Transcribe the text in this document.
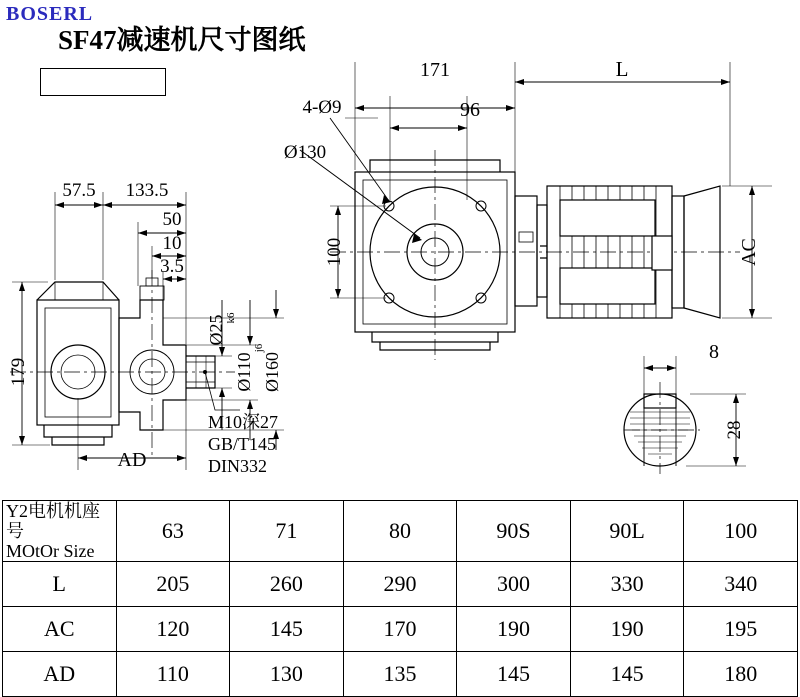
SF47减速机尺寸图纸
BOSERL
171
96
L
4-Ø9
Ø130
100	AC
57.5 133.5
50
10
3.5
179
AD
Ø25 k6
Ø110
j6
Ø160
M10深27
GB/T145
DIN332
8
28
Y2电机机座号
MOtOr Size	63	71	80	90S	90L	100
L	205	260	290	300	330	340
AC	120	145	170	190	190	195
AD	110	130	135	145	145	180
